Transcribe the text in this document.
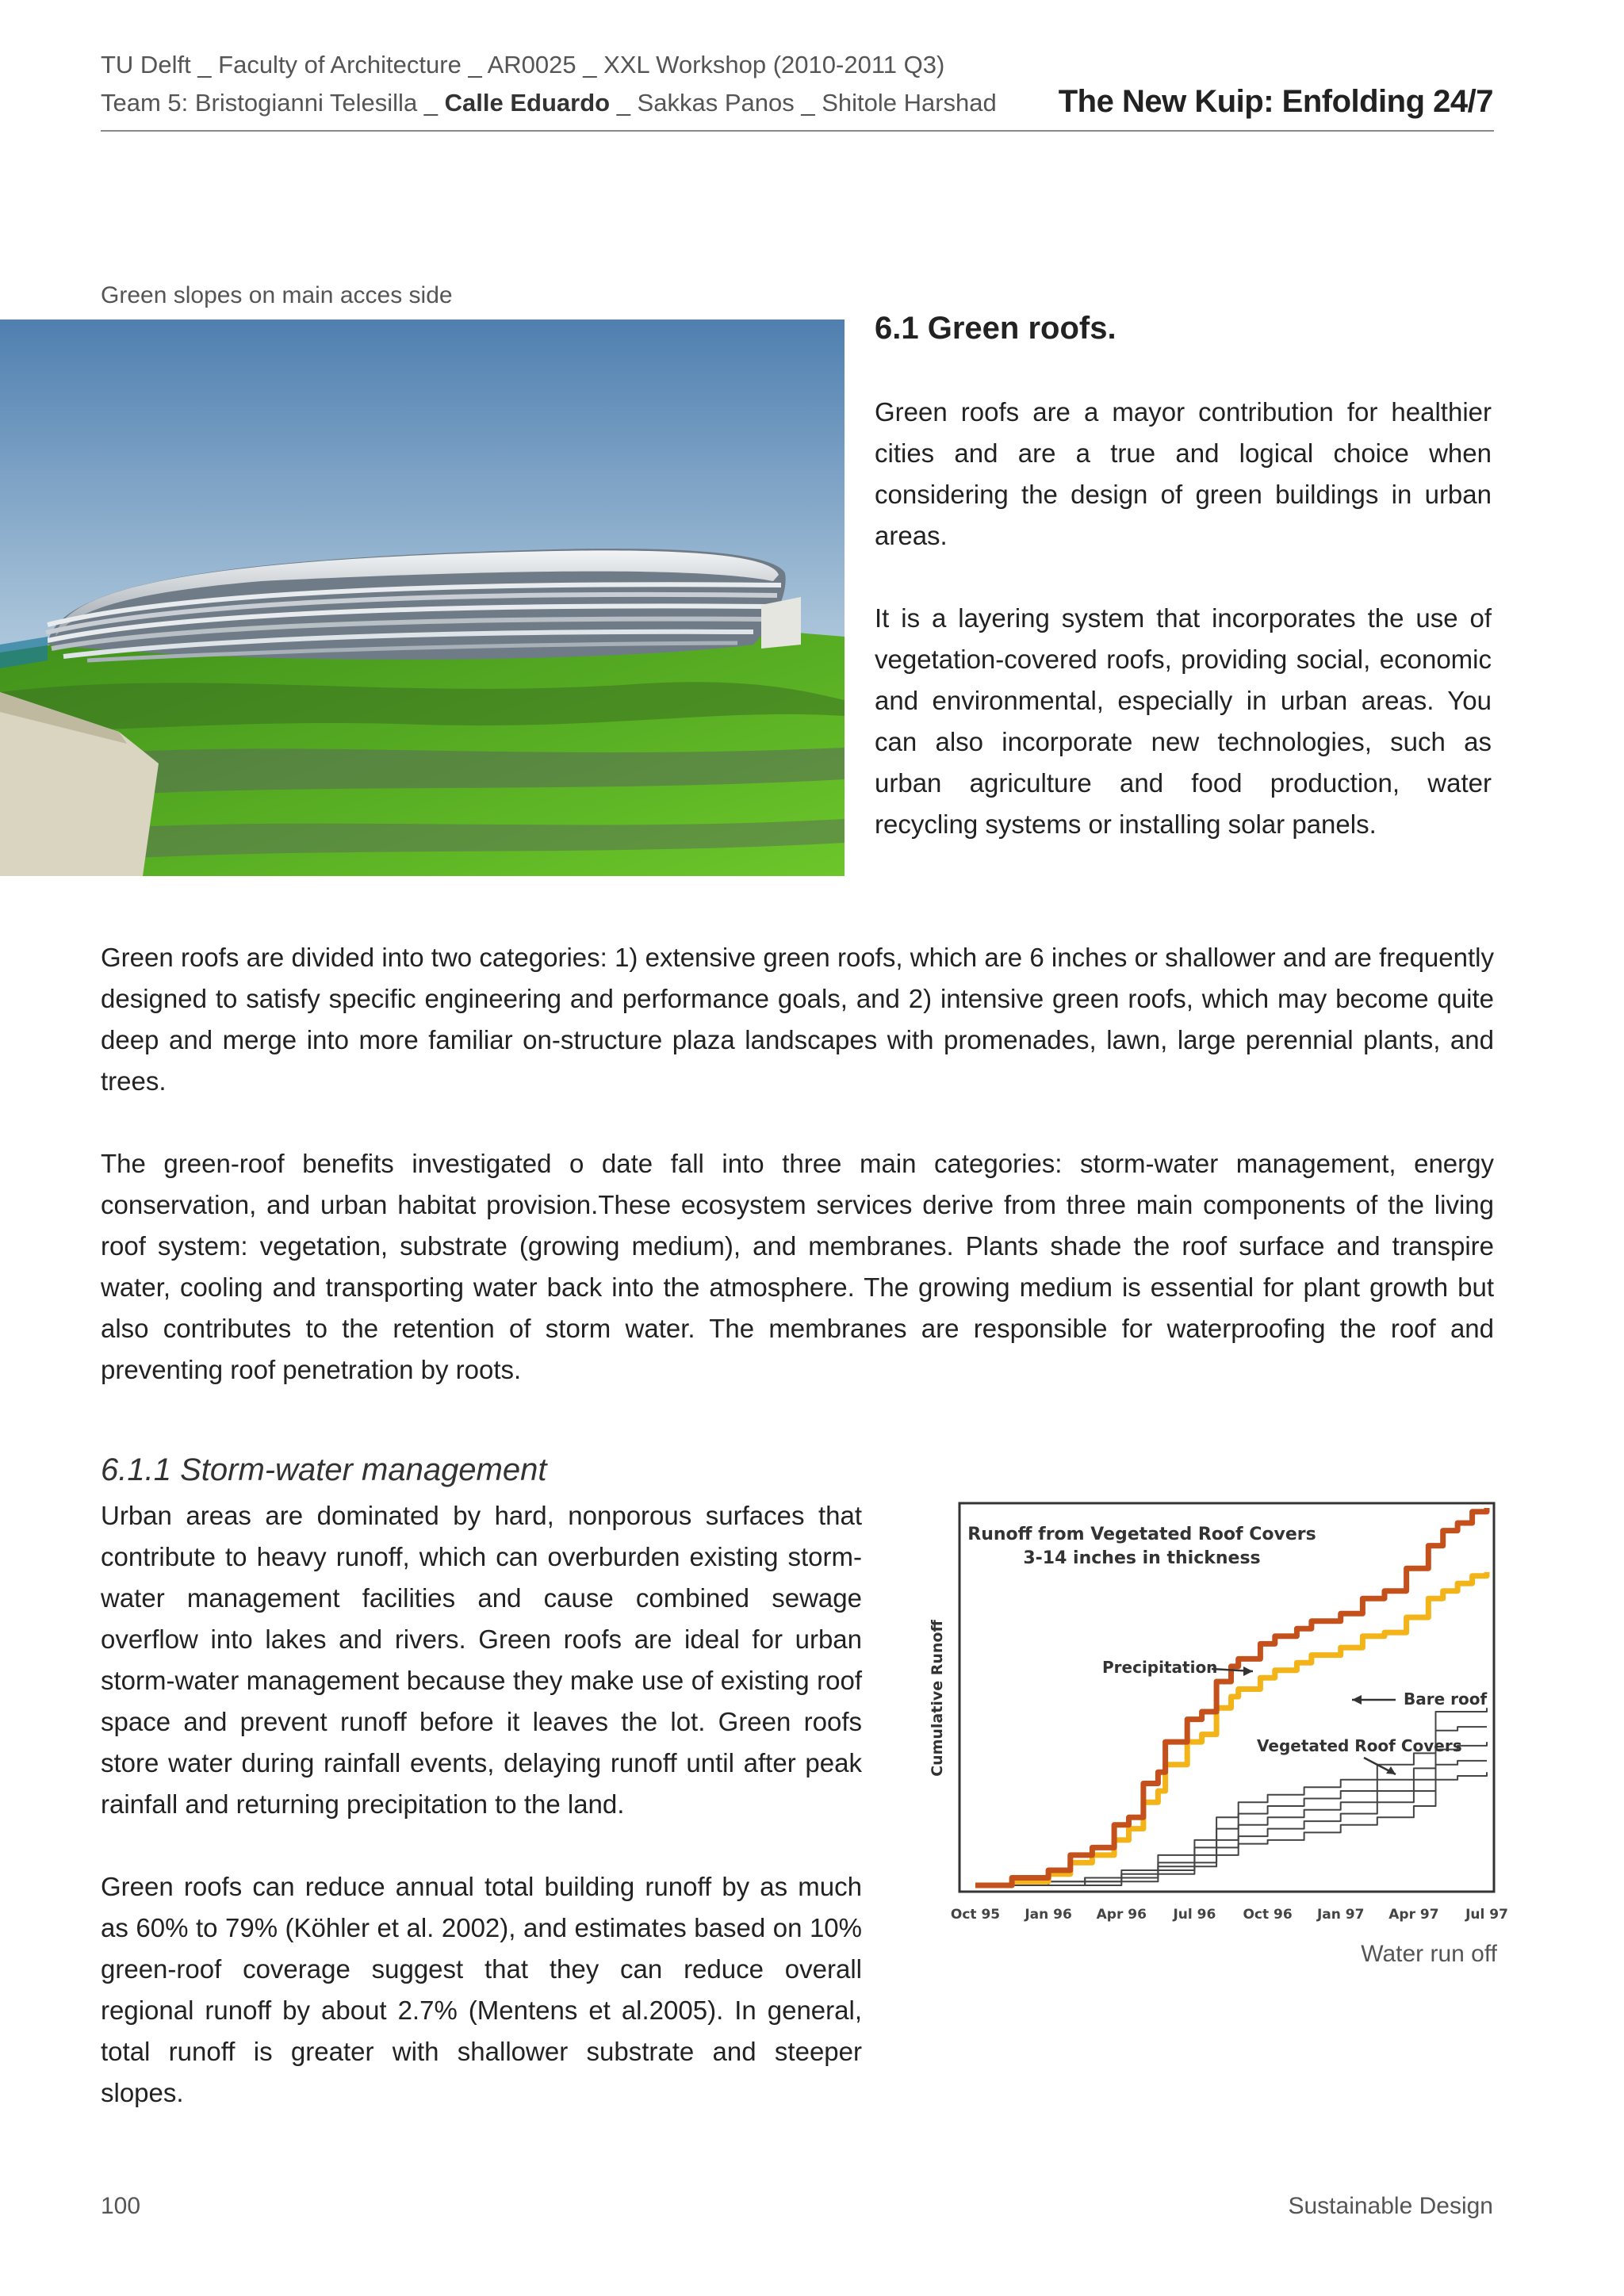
TU Delft _ Faculty of Architecture _ AR0025 _ XXL Workshop (2010-2011 Q3)
Team 5: Bristogianni Telesilla _ Calle Eduardo _ Sakkas Panos _ Shitole Harshad The New Kuip: Enfolding 24/7
Green slopes on main acces side
6.1 Green roofs.

Green roofs are a mayor contribution for healthier cities and are a true and logical choice when considering the design of green buildings in urban areas.

It is a layering system that incorporates the use of vegetation-covered roofs, providing social, economic and environmental, especially in urban areas. You can also incorporate new technologies, such as urban agriculture and food production, water recycling systems or installing solar panels.

Green roofs are divided into two categories: 1) extensive green roofs, which are 6 inches or shallower and are frequently designed to satisfy specific engineering and performance goals, and 2) intensive green roofs, which may become quite deep and merge into more familiar on-structure plaza landscapes with promenades, lawn, large perennial plants, and trees.

The green-roof benefits investigated o date fall into three main categories: storm-water management, energy conservation, and urban habitat provision.These ecosystem services derive from three main components of the living roof system: vegetation, substrate (growing medium), and membranes. Plants shade the roof surface and transpire water, cooling and transporting water back into the atmosphere. The growing medium is essential for plant growth but also contributes to the retention of storm water. The membranes are responsible for waterproofing the roof and preventing roof penetration by roots.

6.1.1 Storm-water management

Urban areas are dominated by hard, nonporous surfaces that contribute to heavy runoff, which can overburden existing storm-water management facilities and cause combined sewage overflow into lakes and rivers. Green roofs are ideal for urban storm-water management because they make use of existing roof space and prevent runoff before it leaves the lot. Green roofs store water during rainfall events, delaying runoff until after peak rainfall and returning precipitation to the land.

Green roofs can reduce annual total building runoff by as much as 60% to 79% (Köhler et al. 2002), and estimates based on 10% green-roof coverage suggest that they can reduce overall regional runoff by about 2.7% (Mentens et al.2005). In general, total runoff is greater with shallower substrate and steeper slopes.

Runoff from Vegetated Roof Covers
3-14 inches in thickness
Cumulative Runoff
Oct 95 Jan 96 Apr 96 Jul 96 Oct 96 Jan 97 Apr 97 Jul 97
Precipitation
Bare roof
Vegetated Roof Covers
Water run off
100	Sustainable Design
